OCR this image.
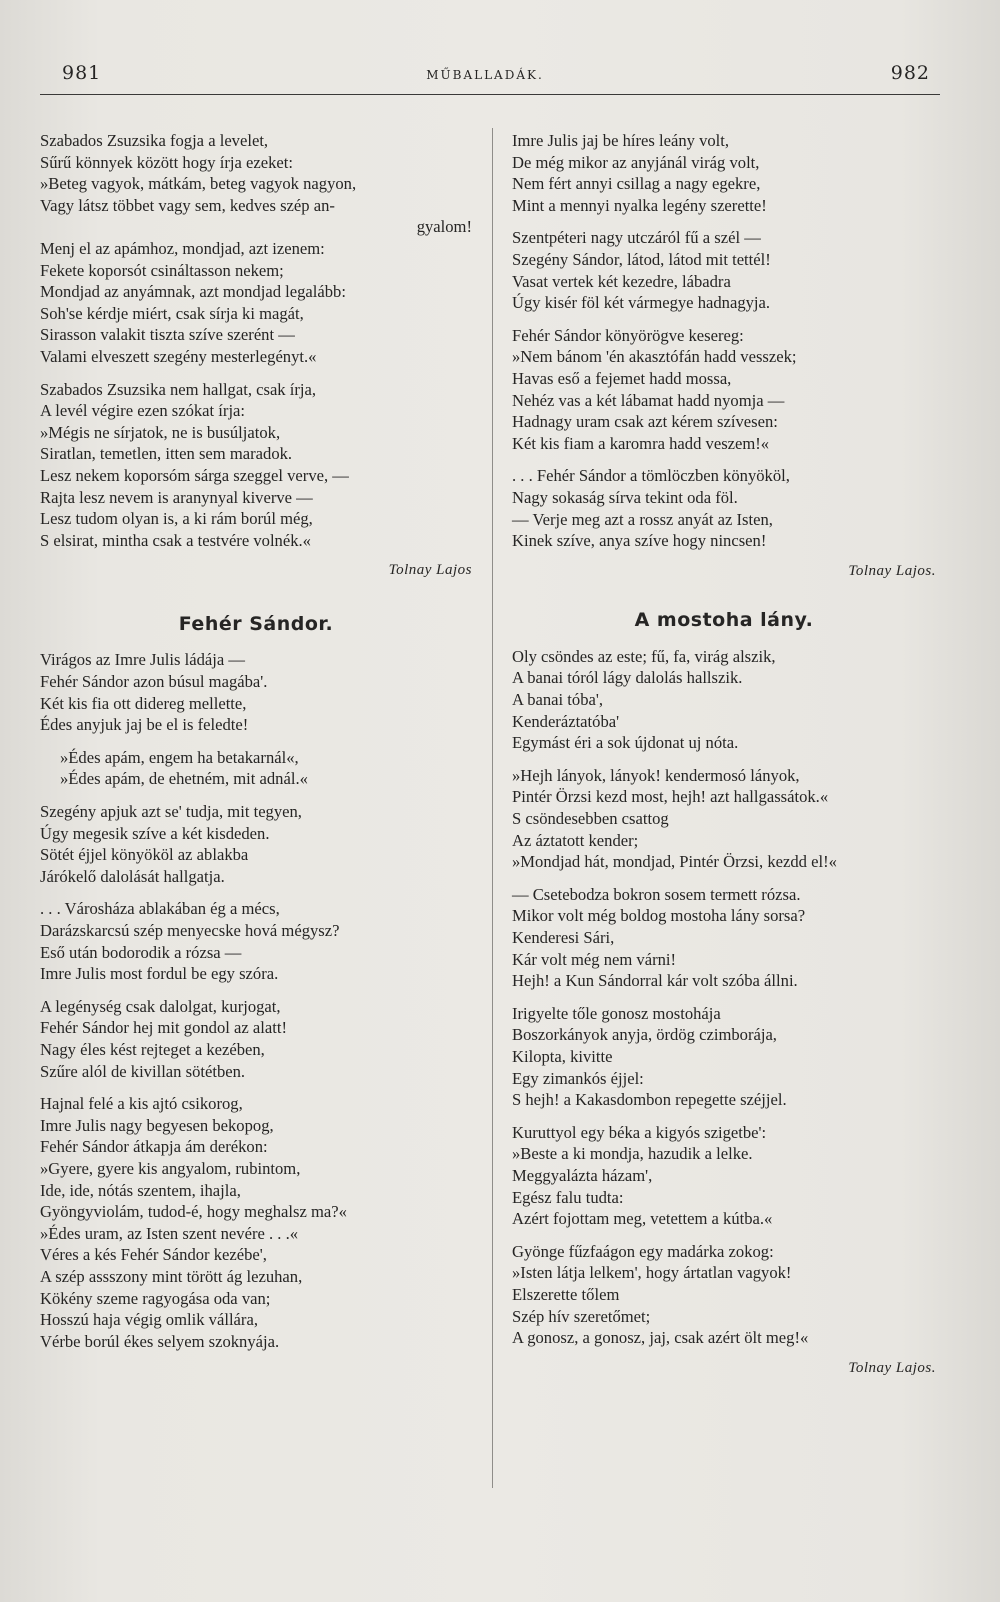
981	MŰBALLADÁK.	982
Szabados Zsuzsika fogja a levelet,
Sűrű könnyek között hogy írja ezeket:
»Beteg vagyok, mátkám, beteg vagyok nagyon,
Vagy látsz többet vagy sem, kedves szép an-
gyalom!
Menj el az apámhoz, mondjad, azt izenem:
Fekete koporsót csináltasson nekem;
Mondjad az anyámnak, azt mondjad legalább:
Soh'se kérdje miért, csak sírja ki magát,
Sirasson valakit tiszta szíve szerént —
Valami elveszett szegény mesterlegényt.«
Szabados Zsuzsika nem hallgat, csak írja,
A levél végire ezen szókat írja:
»Mégis ne sírjatok, ne is busúljatok,
Siratlan, temetlen, itten sem maradok.
Lesz nekem koporsóm sárga szeggel verve, —
Rajta lesz nevem is aranynyal kiverve —
Lesz tudom olyan is, a ki rám borúl még,
S elsirat, mintha csak a testvére volnék.«
Tolnay Lajos
Fehér Sándor.
Virágos az Imre Julis ládája —
Fehér Sándor azon búsul magába'.
Két kis fia ott didereg mellette,
Édes anyjuk jaj be el is feledte!
»Édes apám, engem ha betakarnál«,
»Édes apám, de ehetném, mit adnál.«
Szegény apjuk azt se' tudja, mit tegyen,
Úgy megesik szíve a két kisdeden.
Sötét éjjel könyököl az ablakba
Járókelő dalolását hallgatja.
. . . Városháza ablakában ég a mécs,
Darázskarcsú szép menyecske hová mégysz?
Eső után bodorodik a rózsa —
Imre Julis most fordul be egy szóra.
A legénység csak dalolgat, kurjogat,
Fehér Sándor hej mit gondol az alatt!
Nagy éles kést rejteget a kezében,
Szűre alól de kivillan sötétben.
Hajnal felé a kis ajtó csikorog,
Imre Julis nagy begyesen bekopog,
Fehér Sándor átkapja ám derékon:
»Gyere, gyere kis angyalom, rubintom,
Ide, ide, nótás szentem, ihajla,
Gyöngyviolám, tudod-é, hogy meghalsz ma?«
»Édes uram, az Isten szent nevére . . .«
Véres a kés Fehér Sándor kezébe',
A szép assszony mint törött ág lezuhan,
Kökény szeme ragyogása oda van;
Hosszú haja végig omlik vállára,
Vérbe borúl ékes selyem szoknyája.
Imre Julis jaj be híres leány volt,
De még mikor az anyjánál virág volt,
Nem fért annyi csillag a nagy egekre,
Mint a mennyi nyalka legény szerette!
Szentpéteri nagy utczáról fű a szél —
Szegény Sándor, látod, látod mit tettél!
Vasat vertek két kezedre, lábadra
Úgy kisér föl két vármegye hadnagyja.
Fehér Sándor könyörögve kesereg:
»Nem bánom 'én akasztófán hadd vesszek;
Havas eső a fejemet hadd mossa,
Nehéz vas a két lábamat hadd nyomja —
Hadnagy uram csak azt kérem szívesen:
Két kis fiam a karomra hadd veszem!«
. . . Fehér Sándor a tömlöczben könyököl,
Nagy sokaság sírva tekint oda föl.
— Verje meg azt a rossz anyát az Isten,
Kinek szíve, anya szíve hogy nincsen!
Tolnay Lajos.
A mostoha lány.
Oly csöndes az este; fű, fa, virág alszik,
A banai tóról lágy dalolás hallszik.
A banai tóba',
Kenderáztatóba'
Egymást éri a sok újdonat uj nóta.
»Hejh lányok, lányok! kendermosó lányok,
Pintér Örzsi kezd most, hejh! azt hallgassátok.«
S csöndesebben csattog
Az áztatott kender;
»Mondjad hát, mondjad, Pintér Örzsi, kezdd el!«
— Csetebodza bokron sosem termett rózsa.
Mikor volt még boldog mostoha lány sorsa?
Kenderesi Sári,
Kár volt még nem várni!
Hejh! a Kun Sándorral kár volt szóba állni.
Irigyelte tőle gonosz mostohája
Boszorkányok anyja, ördög czimborája,
Kilopta, kivitte
Egy zimankós éjjel:
S hejh! a Kakasdombon repegette széjjel.
Kuruttyol egy béka a kigyós szigetbe':
»Beste a ki mondja, hazudik a lelke.
Meggyalázta házam',
Egész falu tudta:
Azért fojottam meg, vetettem a kútba.«
Gyönge fűzfaágon egy madárka zokog:
»Isten látja lelkem', hogy ártatlan vagyok!
Elszerette tőlem
Szép hív szeretőmet;
A gonosz, a gonosz, jaj, csak azért ölt meg!«
Tolnay Lajos.
